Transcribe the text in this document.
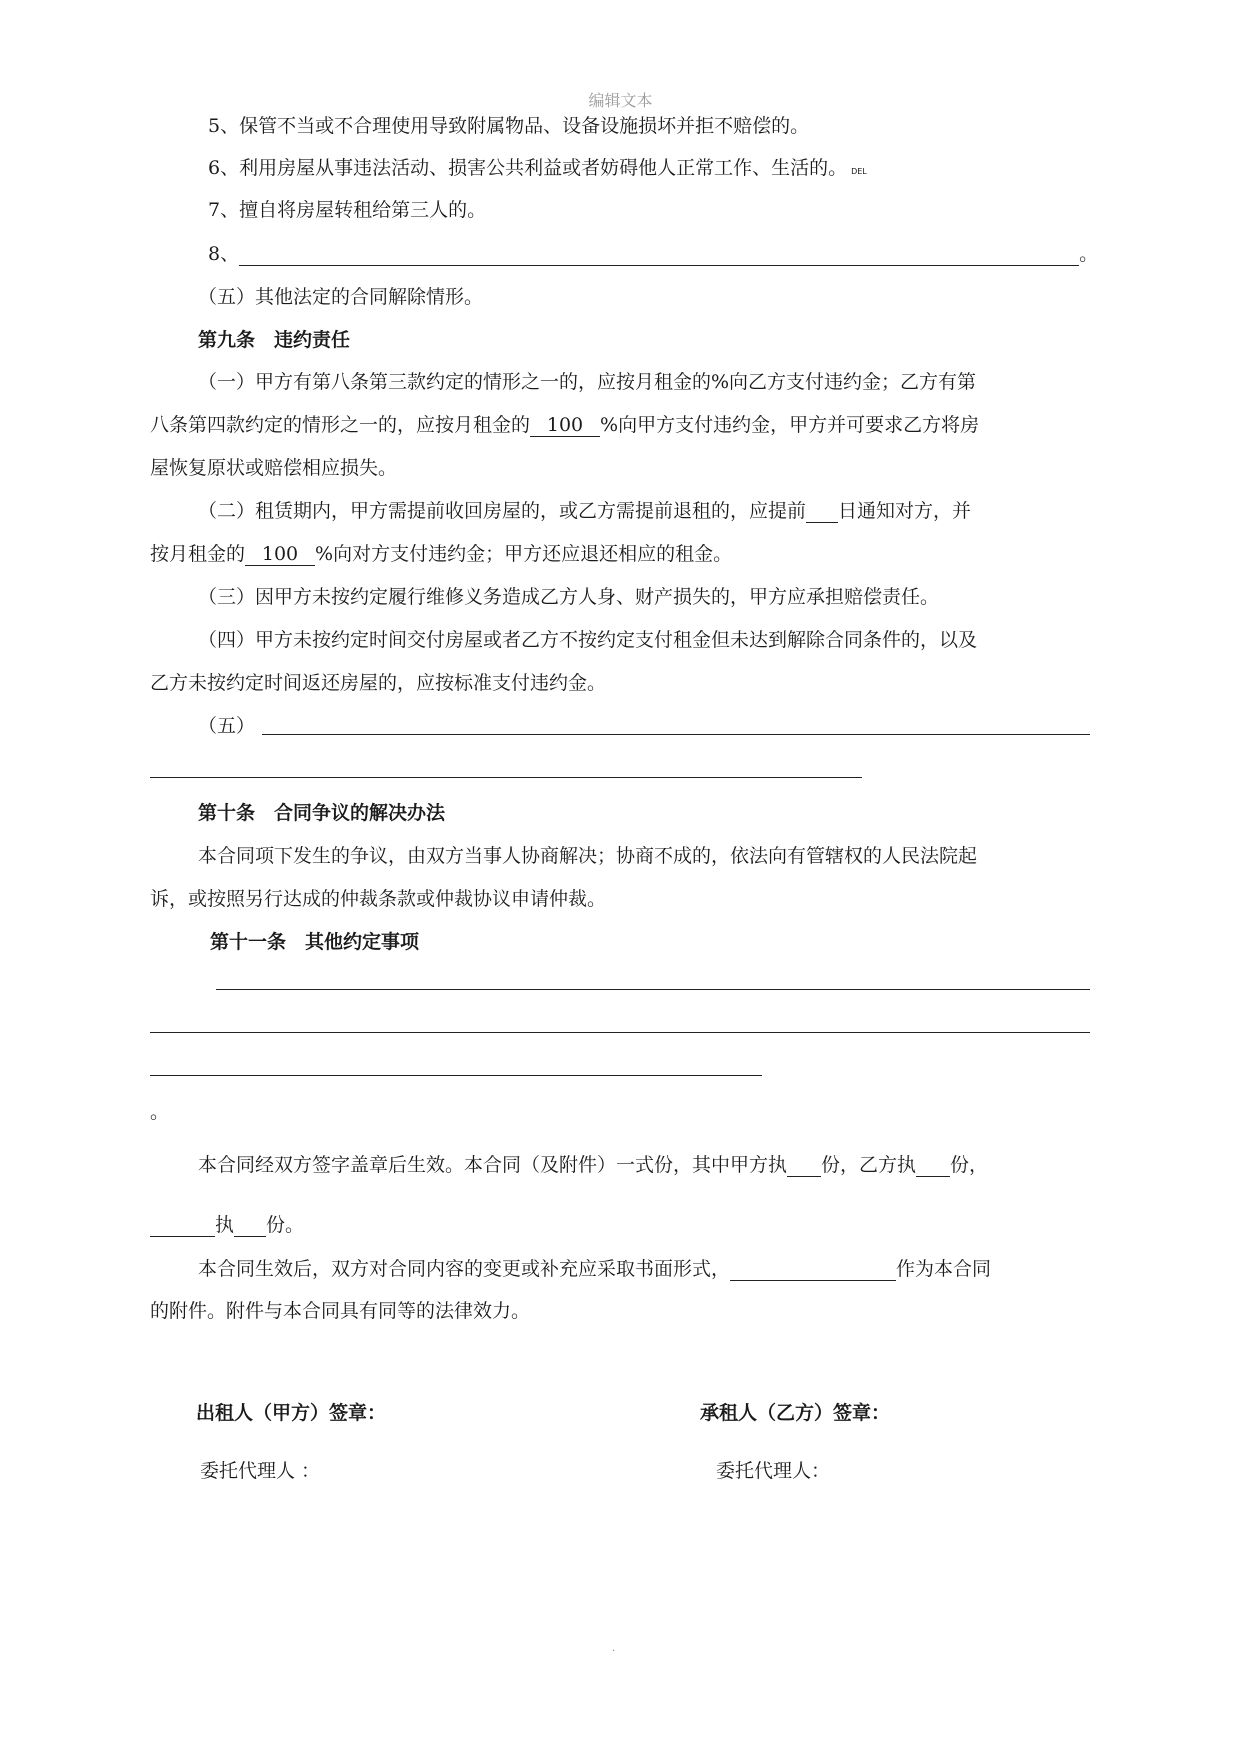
编辑文本
5、保管不当或不合理使用导致附属物品、设备设施损坏并拒不赔偿的。
6、利用房屋从事违法活动、损害公共利益或者妨碍他人正常工作、生活的。 DEL
7、擅自将房屋转租给第三人的。
8、	。
（五）其他法定的合同解除情形。
第九条　违约责任
（一）甲方有第八条第三款约定的情形之一的，应按月租金的%向乙方支付违约金；乙方有第
八条第四款约定的情形之一的，应按月租金的 100 %向甲方支付违约金，甲方并可要求乙方将房
屋恢复原状或赔偿相应损失。
（二）租赁期内，甲方需提前收回房屋的，或乙方需提前退租的，应提前 日通知对方，并
按月租金的 100 %向对方支付违约金；甲方还应退还相应的租金。
（三）因甲方未按约定履行维修义务造成乙方人身、财产损失的，甲方应承担赔偿责任。
（四）甲方未按约定时间交付房屋或者乙方不按约定支付租金但未达到解除合同条件的，以及
乙方未按约定时间返还房屋的，应按标准支付违约金。
（五）
第十条　合同争议的解决办法
本合同项下发生的争议，由双方当事人协商解决；协商不成的，依法向有管辖权的人民法院起
诉，或按照另行达成的仲裁条款或仲裁协议申请仲裁。
第十一条　其他约定事项
。
本合同经双方签字盖章后生效。本合同（及附件）一式份，其中甲方执 份，乙方执 份，
执 份。
本合同生效后，双方对合同内容的变更或补充应采取书面形式，	作为本合同
的附件。附件与本合同具有同等的法律效力。
出租人（甲方）签章：	承租人（乙方）签章：
委托代理人 ：	委托代理人：
.
